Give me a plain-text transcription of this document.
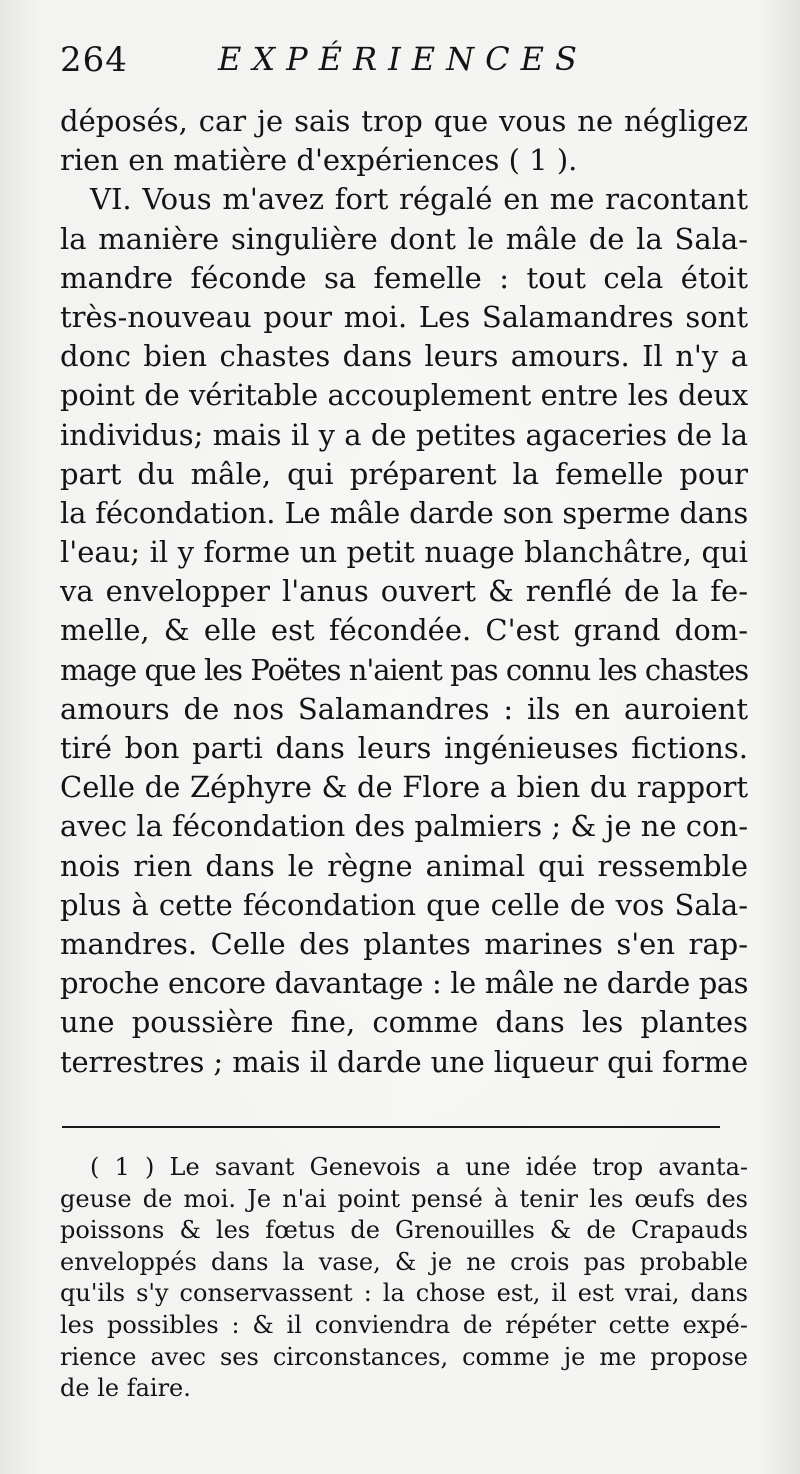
264	EXPÉRIENCES
déposés, car je sais trop que vous ne négligez
rien en matière d'expériences ( 1 ).
VI. Vous m'avez fort régalé en me racontant
la manière singulière dont le mâle de la Sala-
mandre féconde sa femelle : tout cela étoit
très-nouveau pour moi. Les Salamandres sont
donc bien chastes dans leurs amours. Il n'y a
point de véritable accouplement entre les deux
individus; mais il y a de petites agaceries de la
part du mâle, qui préparent la femelle pour
la fécondation. Le mâle darde son sperme dans
l'eau; il y forme un petit nuage blanchâtre, qui
va envelopper l'anus ouvert & renflé de la fe-
melle, & elle est fécondée. C'est grand dom-
mage que les Poëtes n'aient pas connu les chastes
amours de nos Salamandres : ils en auroient
tiré bon parti dans leurs ingénieuses fictions.
Celle de Zéphyre & de Flore a bien du rapport
avec la fécondation des palmiers ; & je ne con-
nois rien dans le règne animal qui ressemble
plus à cette fécondation que celle de vos Sala-
mandres. Celle des plantes marines s'en rap-
proche encore davantage : le mâle ne darde pas
une poussière fine, comme dans les plantes
terrestres ; mais il darde une liqueur qui forme
( 1 ) Le savant Genevois a une idée trop avanta-
geuse de moi. Je n'ai point pensé à tenir les œufs des
poissons & les fœtus de Grenouilles & de Crapauds
enveloppés dans la vase, & je ne crois pas probable
qu'ils s'y conservassent : la chose est, il est vrai, dans
les possibles : & il conviendra de répéter cette expé-
rience avec ses circonstances, comme je me propose
de le faire.
